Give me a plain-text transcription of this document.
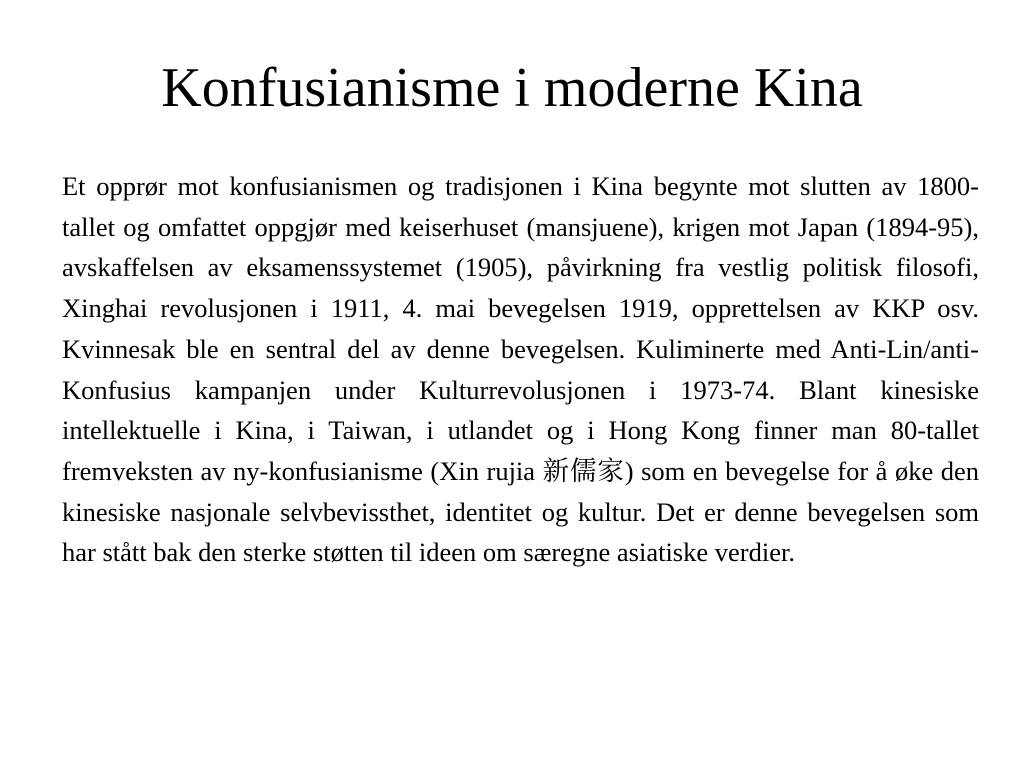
Konfusianisme i moderne Kina

Et opprør mot konfusianismen og tradisjonen i Kina begynte mot slutten av 1800-tallet og omfattet oppgjør med keiserhuset (mansjuene), krigen mot Japan (1894-95), avskaffelsen av eksamenssystemet (1905), påvirkning fra vestlig politisk filosofi, Xinghai revolusjonen i 1911, 4. mai bevegelsen 1919, opprettelsen av KKP osv. Kvinnesak ble en sentral del av denne bevegelsen. Kuliminerte med Anti-Lin/anti-Konfusius kampanjen under Kulturrevolusjonen i 1973-74. Blant kinesiske intellektuelle i Kina, i Taiwan, i utlandet og i Hong Kong finner man 80-tallet fremveksten av ny-konfusianisme (Xin rujia 新儒家) som en bevegelse for å øke den kinesiske nasjonale selvbevissthet, identitet og kultur. Det er denne bevegelsen som har stått bak den sterke støtten til ideen om særegne asiatiske verdier.
